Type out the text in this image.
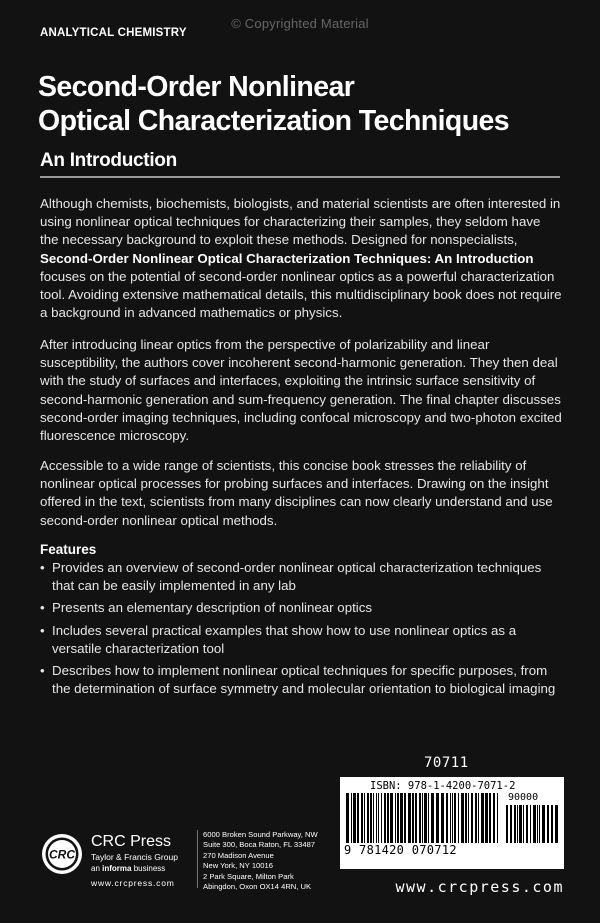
© Copyrighted Material
ANALYTICAL CHEMISTRY
Second-Order Nonlinear
Optical Characterization Techniques
An Introduction
Although chemists, biochemists, biologists, and material scientists are often interested in using nonlinear optical techniques for characterizing their samples, they seldom have the necessary background to exploit these methods. Designed for nonspecialists, Second-Order Nonlinear Optical Characterization Techniques: An Introduction focuses on the potential of second-order nonlinear optics as a powerful characterization tool. Avoiding extensive mathematical details, this multidisciplinary book does not require a background in advanced mathematics or physics.
After introducing linear optics from the perspective of polarizability and linear susceptibility, the authors cover incoherent second-harmonic generation. They then deal with the study of surfaces and interfaces, exploiting the intrinsic surface sensitivity of second-harmonic generation and sum-frequency generation. The final chapter discusses second-order imaging techniques, including confocal microscopy and two-photon excited fluorescence microscopy.
Accessible to a wide range of scientists, this concise book stresses the reliability of nonlinear optical processes for probing surfaces and interfaces. Drawing on the insight offered in the text, scientists from many disciplines can now clearly understand and use second-order nonlinear optical methods.
Features
• Provides an overview of second-order nonlinear optical characterization techniques that can be easily implemented in any lab
• Presents an elementary description of nonlinear optics
• Includes several practical examples that show how to use nonlinear optics as a versatile characterization tool
• Describes how to implement nonlinear optical techniques for specific purposes, from the determination of surface symmetry and molecular orientation to biological imaging
70711
ISBN: 978-1-4200-7071-2
90000
9 781420 070712
www.crcpress.com
CRC
CRC Press
Taylor & Francis Group
an informa business
www.crcpress.com
6000 Broken Sound Parkway, NW
Suite 300, Boca Raton, FL 33487
270 Madison Avenue
New York, NY 10016
2 Park Square, Milton Park
Abingdon, Oxon OX14 4RN, UK
